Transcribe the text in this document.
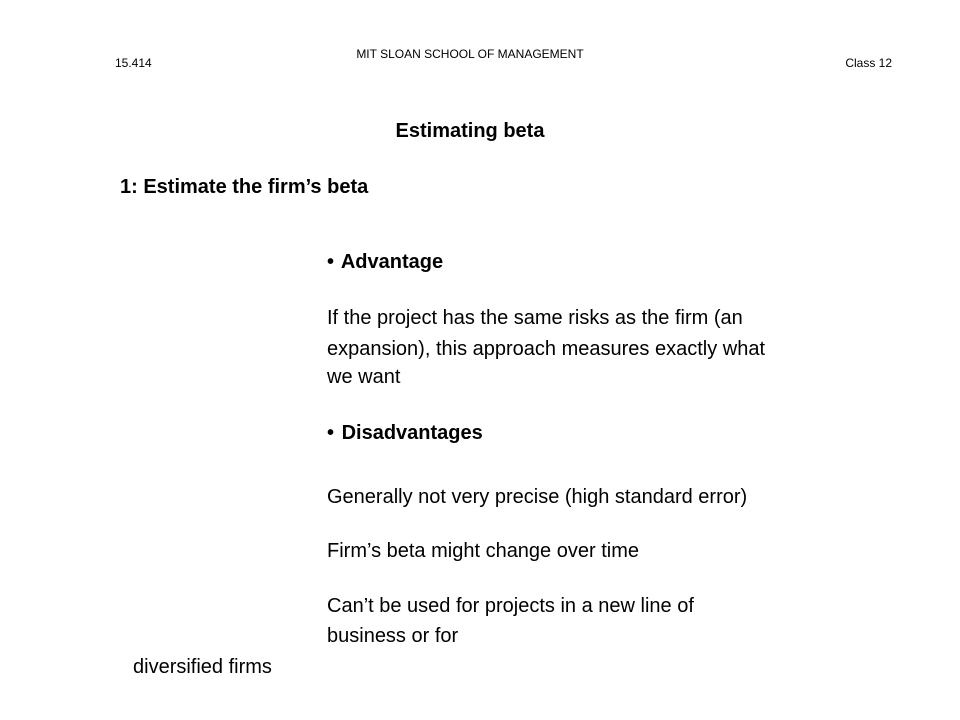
15.414
MIT SLOAN SCHOOL OF MANAGEMENT
Class 12
Estimating beta
1: Estimate the firm’s beta
• Advantage
If the project has the same risks as the firm (an
expansion), this approach measures exactly what
we want
• Disadvantages
Generally not very precise (high standard error)
Firm’s beta might change over time
Can’t be used for projects in a new line of
business or for
diversified firms
